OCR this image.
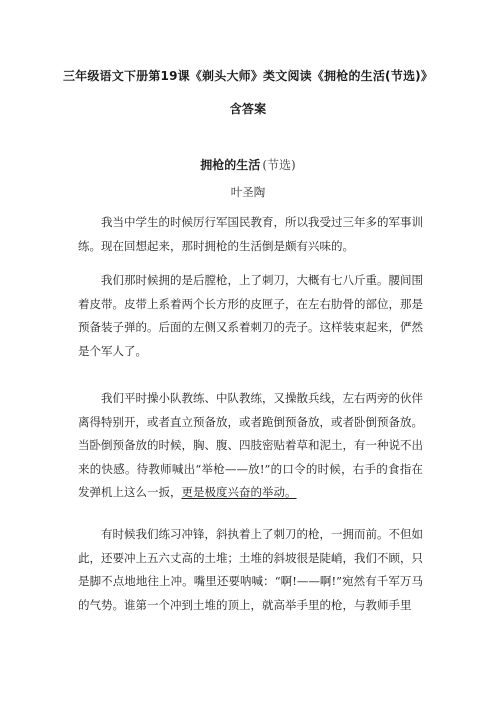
三年级语文下册第19课《剃头大师》类文阅读《拥枪的生活(节选)》
含答案
拥枪的生活 (节选)
叶圣陶

我当中学生的时候厉行军国民教育，所以我受过三年多的军事训练。现在回想起来，那时拥枪的生活倒是颇有兴味的。

我们那时候拥的是后膛枪，上了刺刀，大概有七八斤重。腰间围着皮带。皮带上系着两个长方形的皮匣子，在左右肋骨的部位，那是预备装子弹的。后面的左侧又系着刺刀的壳子。这样装束起来，俨然是个军人了。

我们平时操小队教练、中队教练，又操散兵线，左右两旁的伙伴离得特别开，或者直立预备放，或者跪倒预备放，或者卧倒预备放。当卧倒预备放的时候，胸、腹、四肢密贴着草和泥土，有一种说不出来的快感。待教师喊出“举枪——放!”的口令的时候，右手的食指在发弹机上这么一扳，更是极度兴奋的举动。

有时候我们练习冲锋，斜执着上了刺刀的枪，一拥而前。不但如此，还要冲上五六丈高的土堆；土堆的斜坡很是陡峭，我们不顾，只是脚不点地地往上冲。嘴里还要呐喊：“啊!——啊!”宛然有千军万马的气势。谁第一个冲到土堆的顶上，就高举手里的枪，与教师手里
